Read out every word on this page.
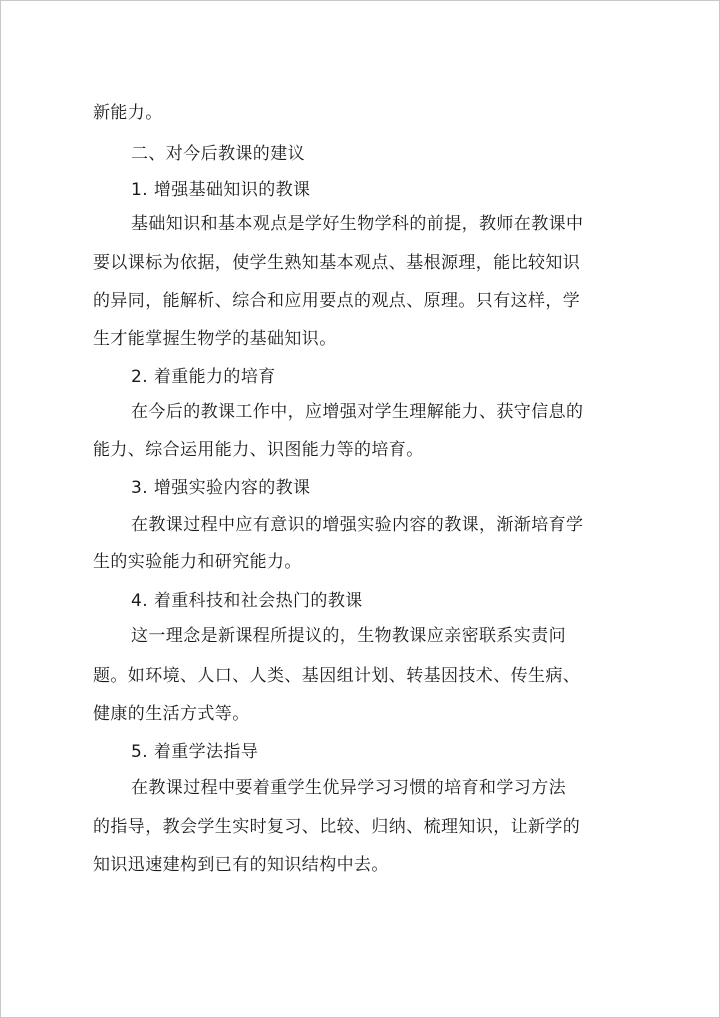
新能力。
二、对今后教课的建议
1. 增强基础知识的教课
基础知识和基本观点是学好生物学科的前提，教师在教课中
要以课标为依据，使学生熟知基本观点、基根源理，能比较知识
的异同，能解析、综合和应用要点的观点、原理。只有这样，学
生才能掌握生物学的基础知识。
2. 着重能力的培育
在今后的教课工作中，应增强对学生理解能力、获守信息的
能力、综合运用能力、识图能力等的培育。
3. 增强实验内容的教课
在教课过程中应有意识的增强实验内容的教课，渐渐培育学
生的实验能力和研究能力。
4. 着重科技和社会热门的教课
这一理念是新课程所提议的，生物教课应亲密联系实责问
题。如环境、人口、人类、基因组计划、转基因技术、传生病、
健康的生活方式等。
5. 着重学法指导
在教课过程中要着重学生优异学习习惯的培育和学习方法
的指导，教会学生实时复习、比较、归纳、梳理知识，让新学的
知识迅速建构到已有的知识结构中去。
